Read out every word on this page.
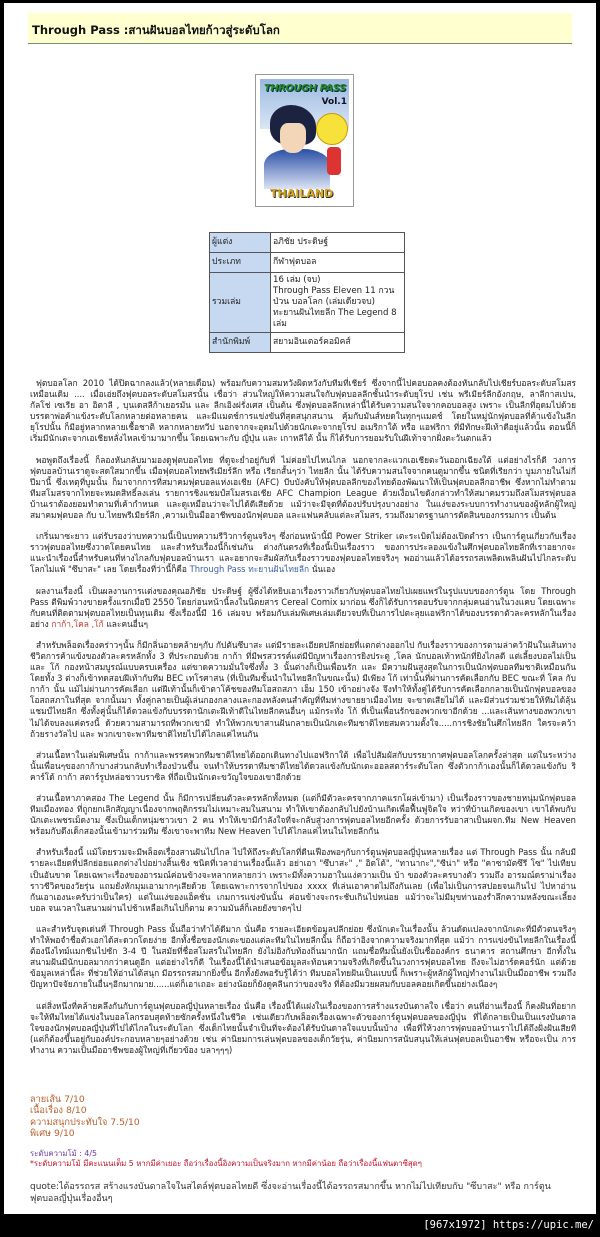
Through Pass :สานฝันบอลไทยก้าวสู่ระดับโลก
THROUGH PASS
Vol.1
THAILAND
ผู้แต่ง	อภิชัย ประดิษฐ์
ประเภท	กีฬาฟุตบอล
รวมเล่ม	16 เล่ม (จบ)
Through Pass Eleven 11 กวนป่วน บอลโลก (เล่มเดียวจบ)
ทะยานฝันไทยลีก The Legend 8 เล่ม

สำนักพิมพ์	สยามอินเตอร์คอมิคส์

ฟุตบอลโลก 2010 ได้ปิดฉากลงแล้ว(หลายเดือน) พร้อมกับความสมหวังผิดหวังกับทีมที่เชียร์ ซึ่งจากนี้ไปคอบอลคงต้องหันกลับไปเชียร์บอลระดับสโมสรเหมือนเดิม .... เมื่อเอ่ยถึงฟุตบอลระดับสโมสรนั้น เชื่อว่า ส่วนใหญ่ให้ความสนใจกับฟุตบอลลีกชั้นนำระดับยุโรป เช่น พรีเมียร์ลีกอังกฤษ, ลาลีกาสเปน, กัลโช่ เซเรีย อา อิตาลี , บุนเดสลีก้าเยอรมัน และ ลีกเอิงฝรั่งเศส เป็นต้น ซึ่งฟุตบอลลีกเหล่านี้ได้รับความสนใจจากคอบอลสูง เพราะ เป็นลีกที่อุดมไปด้วยบรรดาพ่อค้าแข้งระดับโลกหลายต่อหลายคน และมีแมตช์การแข่งขันที่สุดสนุกสนาน คุ้มกับมันส์หยดในทุกๆแมตช์ โดยในหมู่นักฟุตบอลที่ค้าแข้งในลีกยุโรปนั้น ก็มีอยู่หลากหลายเชื้อชาติ หลากหลายทวีป นอกจากจะอุดมไปด้วยนักเตะจากยุโรป อเมริกาใต้ หรือ แอฟริกา ที่มีทักษะฝีเท้าดีอยู่แล้วนั้น ตอนนี้ก็เริ่มมีนักเตะจากเอเชียหลั่งไหลเข้ามามากขึ้น โดยเฉพาะกับ ญี่ปุ่น และ เกาหลีใต้ นั้น ก็ได้รับการยอมรับในฝีเท้าจากฝั่งตะวันตกแล้ว

พอพูดถึงเรื่องนี้ ก็ลองหันกลับมามองดูฟุตบอลไทย ที่ดูจะย่ำอยู่กับที่ ไม่ค่อยไปไหนไกล นอกจากละแวกเอเชียตะวันออกเฉียงใต้ แต่อย่างไรก็ดี วงการฟุตบอลบ้านเราดูจะสดใสมากขึ้น เมื่อฟุตบอลไทยพรีเมียร์ลีก หรือ เรียกสั้นๆว่า ไทยลีก นั้น ได้รับความสนใจจากคนดูมากขึ้น ชนิดที่เรียกว่า บูมภายในไม่กี่ปีมานี้ ซึ่งเหตุที่บูมนั้น ก็มาจากการที่สมาคมฟุตบอลแห่งเอเชีย (AFC) บีบบังคับให้ฟุตบอลลีกของไทยต้องพัฒนาให้เป็นฟุตบอลลีกอาชีพ ซึ่งหากไม่ทำตาม ทีมสโมสรจากไทยจะหมดสิทธิ์ลงเล่น รายการชิงแชมป์สโมสรเอเชีย AFC Champion League ด้วยเงื่อนไขดังกล่าวทำให้สมาคมรวมถึงสโมสรฟุตบอลบ้านเราต้องยอมทำตามที่เค้ากำหนด และดูเหมือนว่าจะไปได้ดีเสียด้วย แม้ว่าจะมีจุดที่ต้องปรับปรุงบางอย่าง ในแง่ของระบบการทำงานของผู้หลักผู้ใหญ่สมาคมฟุตบอล กับ บ.ไทยพรีเมียร์ลีก ,ความเป็นมืออาชีพของนักฟุตบอล และแฟนคลับแต่ละสโมสร, รวมถึงมาตรฐานการตัดสินของกรรมการ เป็นต้น

เกริ่นมาซะยาว แต่รับรองว่าบทความนี้เป็นบทความรีวิวการ์ตูนจริงๆ ซึ่งก่อนหน้านี้มี Power Striker เตะระเบิดไม่ต้องเปิดตำรา เป็นการ์ตูนเกี่ยวกับเรื่องราวฟุตบอลไทยซึ่งวาดโดยคนไทย และสำหรับเรื่องนี้ก็เช่นกัน ต่างกันตรงที่เรื่องนี้เป็นเรื่องราว ของการประลองแข้งในศึกฟุตบอลไทยลีกที่เราอยากจะแนะนำเรื่องนี้สำหรับคนที่ห่างไกลกับฟุตบอลบ้านเรา และอยากจะสัมผัสกับเรื่องราวของฟุตบอลไทยจริงๆ พออ่านแล้วได้อรรถรสเพลิดเพลินฝันไปไกลระดับโลกไม่แพ้ "ซึบาสะ" เลย โดยเรื่องที่ว่านี้ก็คือ Through Pass ทะยานฝันไทยลีก นั่นเอง

ผลงานเรื่องนี้ เป็นผลงานการแต่งของคุณอภิชัย ประดิษฐ์ ผู้ซึ่งได้หยิบเอาเรื่องราวเกี่ยวกับฟุตบอลไทยไปเผยแพร่ในรูปแบบของการ์ตูน โดย Through Pass ตีพิมพ์วางขายครั้งแรกเมื่อปี 2550 โดยก่อนหน้านี้ลงในนิตยสาร Cereal Comix มาก่อน ซึ่งก็ได้รับการตอบรับจากกลุ่มคนอ่านในวงแคบ โดยเฉพาะกับคนที่ติดตามฟุตบอลไทยเป็นทุนเดิม ซึ่งเรื่องนี้มี 16 เล่มจบ พร้อมกับเล่มพิเศษเล่มเดียวจบที่เป็นการไปตะลุยแอฟริกาได้ของบรรดาตัวละครหลักในเรื่องอย่าง กาก้า,โคล ,โก้ และคนอื่นๆ

สำหรับพล็อตเรื่องคร่าวๆนั้น ก็มีกลิ่นอายคล้ายๆกับ กัปตันซึบาสะ แต่มีรายละเอียดปลีกย่อยที่แตกต่างออกไป กับเรื่องราวของการตามล่าคว้าฝันในเส้นทางชีวิตการค้าแข้งของตัวละครหลักทั้ง 3 ที่ประกอบด้วย กาก้า ที่มีพรสวรรค์แต่มีปัญหาเรื่องการยิงประตู ,โคล นักบอลเท้าหนักที่ยิงไกลดี แต่เลี้ยงบอลไม่เป็น และ โก้ กองหน้าสมบูรณ์แบบครบเครื่อง แต่ขาดความมั่นใจซึ่งทั้ง 3 นั้นต่างก็เป็นเพื่อนรัก และ มีความฝันสูงสุดในการเป็นนักฟุตบอลทีมชาติเหมือนกัน โดยทั้ง 3 ต่างก็เข้าทดสอบฝีเท้ากับทีม BEC เทโรศาสน (ที่เป็นทีมชั้นนำในไทยลีกในขณะนั้น) มีเพียง โก้ เท่านั้นที่ผ่านการคัดเลือกกับ BEC ขณะที่ โคล กับ กาก้า นั้น แม้ไม่ผ่านการคัดเลือก แต่ฝีเท้านั้นก็เข้าตาโค้ชของทีมโอสถสภา เอ็ม 150 เข้าอย่างจัง จึงทำให้ทั้งคู่ได้รับการคัดเลือกกลายเป็นนักฟุตบอลของโอสถสภาในที่สุด จากนั้นมา ทั้งคู่กลายเป็นผู้เล่นกองกลางและกองหลังคนสำคัญที่ทีมห่างขายยาเมืองไทย จะขาดเสียไม่ได้ และมีส่วนร่วมช่วยให้ทีมได้ลุ้นแชมป์ไทยลีก ซึ่งทั้งคู่นั้นก็ได้ดวลแข้งกับบรรดานักเตะฝีเท้าดีในไทยลีกคนอื่นๆ แม้กระทั่ง โก้ ที่เป็นเพื่อนรักของพวกเขาอีกด้วย ...และเส้นทางของพวกเขาไม่ได้จบลงแค่ตรงนี้ ด้วยความสามารถที่พวกเขามี ทำให้พวกเขาสานฝันกลายเป็นนักเตะทีมชาติไทยสมความตั้งใจ.....การชิงชัยในศึกไทยลีก ใครจะคว้าถ้วยรางวัลไป และ พวกเขาจะพาทีมชาติไทยไปได้ไกลแค่ไหนกัน

ส่วนเนื้อหาในเล่มพิเศษนั้น กาก้าและพรรคพวกทีมชาติไทยได้ออกเดินทางไปแอฟริกาใต้ เพื่อไปสัมผัสกับบรรยากาศฟุตบอลโลกครั้งล่าสุด แต่ในระหว่างนั้นเพื่อนๆของกาก้าบางส่วนกลับทำเรื่องป่วนขึ้น จนทำให้บรรดาทีมชาติไทยได้ดวลแข้งกับนักเตะออลสตาร์ระดับโลก ซึ่งตัวกาก้าเองนั้นก็ได้ดวลแข้งกับ ริคาร์โด้ กาก้า สตาร์รูปหล่อชาวบราซิล ที่ถือเป็นนักเตะขวัญใจของเขาอีกด้วย

ส่วนเนื้อหาภาคสอง The Legend นั้น ก็มีการเปลี่ยนตัวละครหลักทั้งหมด (แต่ก็มีตัวละครจากภาคแรกโผล่เข้ามา) เป็นเรื่องราวของชายหนุ่มนักฟุตบอลทีมเมืองทอง ที่ถูกยกเลิกสัญญาเนื่องจากพฤติกรรมไม่เหมาะสมในสนาม ทำให้เขาต้องกลับไปยังบ้านเกิดเพื่อฟื้นฟูจิตใจ หว่าที่บ้านเกิดของเขา เขาได้พบกับนักเตะเพชรเม็ดงาม ซึ่งเป็นเด็กหนุ่มชาวเขา 2 คน ทำให้เขามีกำลังใจที่จะกลับสู่วงการฟุตบอลไทยอีกครั้ง ด้วยการรับอาสาเป็นผจก.ทีม New Heaven พร้อมกับดึงเด็กสองนั้นเข้ามาร่วมทีม ซึ่งเขาจะพาทีม New Heaven ไปได้ไกลแค่ไหนในไทยลีกกัน

สำหรับเรื่องนี้ แม้โดยรวมจะมีพล็อตเรื่องสานฝันไปไกล ไปให้ถึงระดับโลกที่ดีนเฟืองพอๆกับการ์ตูนฟุตบอลญี่ปุ่นหลายเรื่อง แต่ Through Pass นั้น กลับมีรายละเอียดที่ปลีกย่อยแตกต่างไปอย่างสิ้นเชิง ชนิดที่เวลาอ่านเรื่องนี้แล้ว อย่าเอา "ซึบาสะ" ," อิตโต้", "ทานากะ","ซีน่า" หรือ "คาซามัตซึรี โซ" ไปเทียบเป็นอันขาด โดยเฉพาะเรื่องของอารมณ์ค่อนข้างจะหลากหลายกว่า เพราะมีทั้งความฮาในแง่ความเป็น บ้า ของตัวละครบางตัว รวมถึง อารมณ์ดราม่าเรื่องราวชีวิตของวัยรุ่น แถมยังหักมุมเอามากๆเสียด้วย โดยเฉพาะการจากไปของ xxxx ที่เล่นเอาคาดไม่ถึงกันเลย (เพื่อไม่เป็นการสปอยจนเกินไป ไปหาอ่านกันเอาเองนะครับว่าเป็นใคร) แต่ในแง่ของแอ็คชั่น เกมการแข่งขันนั้น ค่อนข้างจะกระชับเกินไปหน่อย แม้ว่าจะไม่มีมุขท่านองร่ำลึกความหลังขณะเลี้ยงบอล จนเวลาในสนามผ่านไปช้าเหลือเกินไปก็ตาม ความมันส์ก็เลยยังขาดๆไป

และสำหรับจุดเด่นที่ Through Pass นั้นถือว่าทำได้ดีมาก นั่นคือ รายละเอียดข้อมูลปลีกย่อย ซึ่งนักเตะในเรื่องนั้น ล้วนดัดแปลงจากนักเตะที่มีตัวตนจริงๆ ทำให้พอจำชื่อตัวเอกได้สะดวกโดยง่าย อีกทั้งชื่อของนักเตะของแต่ละทีมในไทยลีกนั้น ก็ถือว่าอิงจากความจริงมากที่สุด แม้ว่า การแข่งขันไทยลีกในเรื่องนี้ต้องนึงไทม์แมกชีนไปซัก 3-4 ปี ในสมัยที่ชื่อสโมสรในไทยลีก ยังไม่อิงกับท้องถิ่นมากนัก แถมชื่อทีมนั้นยังเป็นชื่อองค์กร ธนาคาร สถานศึกษา อีกทั้งในสนามฝันมีนักบอลมากกว่าคนดูอีก แต่อย่างไรก็ดี ในเรื่องนี้ได้นำเสนอข้อมูลสะท้อนความจริงที่เกิดขึ้นในวงการฟุตบอลไทย ถึงจะไม่ฮาร์ดคอร์นัก แต่ด้วยข้อมูลเหล่านี้ล่ะ ที่ช่วยให้อ่านได้สนุก มีอรรถรสมากยิ่งขึ้น อีกทั้งยังพอรับรู้ได้ว่า ทีมบอลไทยฝันเป็นแบบนี้ ก็เพราะผู้หลักผู้ใหญ่ทำงานไม่เป็นมืออาชีพ รวมถึงปัญหาปัจจัยภายในอื่นๆอีกมากมาย......แต่ก็เอาเถอะ อย่างน้อยก็ยังดูคลีนกว่าของจริง ที่ต้องมีมวยผสมกับบอลคอยเกิดขึ้นอย่างเนืองๆ

แต่สิ่งหนึ่งที่คล้ายคลึงกันกับการ์ตูนฟุตบอลญี่ปุ่นหลายเรื่อง นั่นคือ เรื่องนี้ได้แฝงในเรื่องของการสร้างแรงบันดาลใจ เชื่อว่า คนที่อ่านเรื่องนี้ ก็คงฝันที่อยากจะให้ทีมไทยได้แข่งในบอลโลกรอบสุดท้ายซักครั้งหนึ่งในชีวิต เช่นเดียวกับพล็อตเรื่องเฉพาะตัวของการ์ตูนฟุตบอลของญี่ปุ่น ที่ได้กลายเป็นเป็นแรงบันดาลใจของนักฟุตบอลญี่ปุ่นที่ไปได้ไกลในระดับโลก ซึ่งเด็กไทยนั้นจำเป็นที่จะต้องได้รับบันดาลใจแบบนั้นบ้าง เพื่อที่ให้วงการฟุตบอลบ้านเราไปได้ถึงฝั่งฝันเสียที (แต่ก็ต้องขึ้นอยู่กับองค์ประกอบหลายๆอย่างด้วย เช่น ค่านิยมการเล่นฟุตบอลของเด็กวัยรุ่น, ค่านิยมการสนับสนุนให้เล่นฟุตบอลเป็นอาชีพ หรือจะเป็น การทำงาน ความเป็นมืออาชีพของผู้ใหญ่ที่เกี่ยวข้อง บลาๆๆๆ)

ลายเส้น 7/10
เนื้อเรื่อง 8/10
ความสนุกประทับใจ 7.5/10
พิเศษ 9/10
ระดับความโม้ : 4/5
*ระดับความโม้ มีคะแนนเต็ม 5 หากมีค่าเยอะ ถือว่าเรื่องนี้อิงความเป็นจริงมาก หากมีค่าน้อย ถือว่าเรื่องนี้แฟนตาซีสุดๆ
quote:ได้อรรถรส สร้างแรงบันดาลใจในสไตล์ฟุตบอลไทยดี ซึ่งจะอ่านเรื่องนี้ได้อรรถรสมากขึ้น หากไม่ไปเทียบกับ "ซึบาสะ" หรือ การ์ตูนฟุตบอลญี่ปุ่นเรื่องอื่นๆ
[967x1972] https://upic.me/
